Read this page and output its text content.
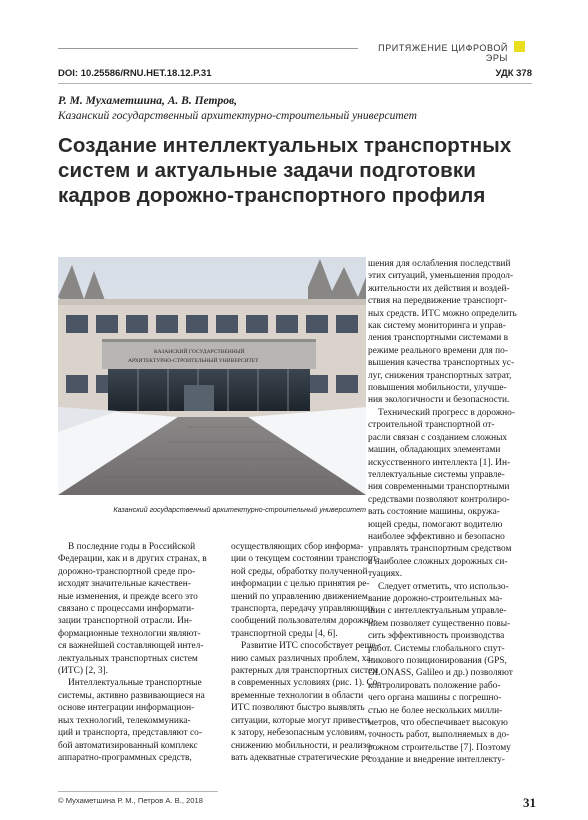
ПРИТЯЖЕНИЕ ЦИФРОВОЙ ЭРЫ
DOI: 10.25586/RNU.HET.18.12.P.31	УДК 378
Р. М. Мухаметшина, А. В. Петров,
Казанский государственный архитектурно-строительный университет
Создание интеллектуальных транспортных
систем и актуальные задачи подготовки
кадров дорожно-транспортного профиля
КАЗАНСКИЙ ГОСУДАРСТВЕННЫЙ
АРХИТЕКТУРНО-СТРОИТЕЛЬНЫЙ УНИВЕРСИТЕТ
Казанский государственный архитектурно-строительный университет
В последние годы в Российской
Федерации, как и в других странах, в
дорожно-транспортной среде про-
исходят значительные качествен-
ные изменения, и прежде всего это
связано с процессами информати-
зации транспортной отрасли. Ин-
формационные технологии являют-
ся важнейшей составляющей интел-
лектуальных транспортных систем
(ИТС) [2, 3].
Интеллектуальные транспортные
системы, активно развивающиеся на
основе интеграции информацион-
ных технологий, телекоммуника-
ций и транспорта, представляют со-
бой автоматизированный комплекс
аппаратно-программных средств,
осуществляющих сбор информа-
ции о текущем состоянии транспорт-
ной среды, обработку полученной
информации с целью принятия ре-
шений по управлению движением
транспорта, передачу управляющих
сообщений пользователям дорожно-
транспортной среды [4, 6].
Развитие ИТС способствует реше-
нию самых различных проблем, ха-
рактерных для транспортных систем
в современных условиях (рис. 1). Со-
временные технологии в области
ИТС позволяют быстро выявлять
ситуации, которые могут привести
к затору, небезопасным условиям,
снижению мобильности, и реализо-
вать адекватные стратегические ре-
шения для ослабления последствий
этих ситуаций, уменьшения продол-
жительности их действия и воздей-
ствия на передвижение транспорт-
ных средств. ИТС можно определить
как систему мониторинга и управ-
ления транспортными системами в
режиме реального времени для по-
вышения качества транспортных ус-
луг, снижения транспортных затрат,
повышения мобильности, улучше-
ния экологичности и безопасности.
Технический прогресс в дорожно-
строительной транспортной от-
расли связан с созданием сложных
машин, обладающих элементами
искусственного интеллекта [1]. Ин-
теллектуальные системы управле-
ния современными транспортными
средствами позволяют контролиро-
вать состояние машины, окружа-
ющей среды, помогают водителю
наиболее эффективно и безопасно
управлять транспортным средством
в наиболее сложных дорожных си-
туациях.
Следует отметить, что использо-
вание дорожно-строительных ма-
шин с интеллектуальным управле-
нием позволяет существенно повы-
сить эффективность производства
работ. Системы глобального спут-
никового позиционирования (GPS,
GLONASS, Galileo и др.) позволяют
контролировать положение рабо-
чего органа машины с погрешно-
стью не более нескольких милли-
метров, что обеспечивает высокую
точность работ, выполняемых в до-
рожном строительстве [7]. Поэтому
создание и внедрение интеллекту-
© Мухаметшина Р. М., Петров А. В., 2018	31
